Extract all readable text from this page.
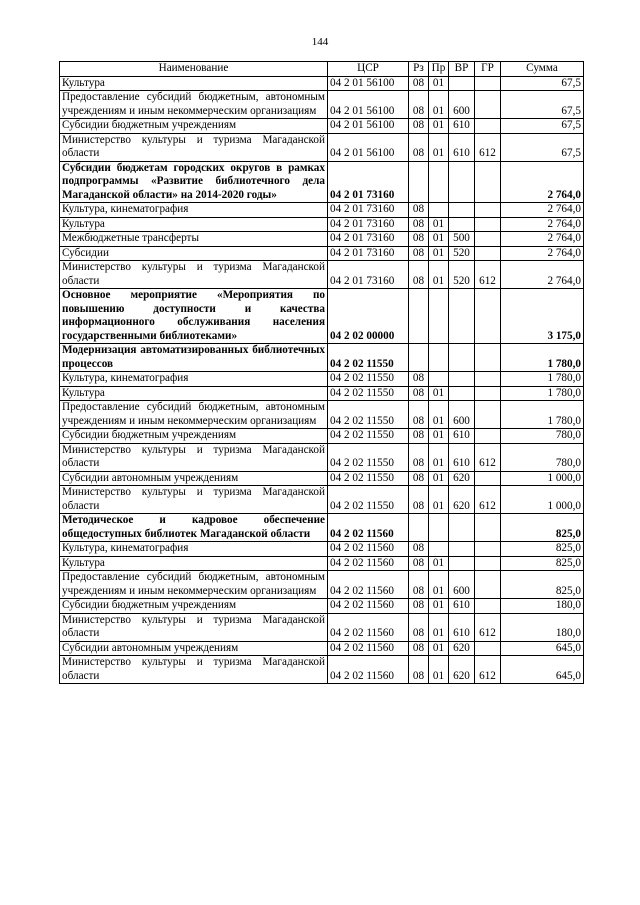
144
Наименование	ЦСР	Рз	Пр	ВР	ГР	Сумма
Культура	04 2 01 56100	08	01			67,5
Предоставление субсидий бюджетным, автономным учреждениям и иным некоммерческим организациям	04 2 01 56100	08	01	600		67,5
Субсидии бюджетным учреждениям	04 2 01 56100	08	01	610		67,5
Министерство культуры и туризма Магаданской области	04 2 01 56100	08	01	610	612	67,5
Субсидии бюджетам городских округов в рамках подпрограммы «Развитие библиотечного дела Магаданской области» на 2014-2020 годы»	04 2 01 73160					2 764,0
Культура, кинематография	04 2 01 73160	08				2 764,0
Культура	04 2 01 73160	08	01			2 764,0
Межбюджетные трансферты	04 2 01 73160	08	01	500		2 764,0
Субсидии	04 2 01 73160	08	01	520		2 764,0
Министерство культуры и туризма Магаданской области	04 2 01 73160	08	01	520	612	2 764,0
Основное мероприятие «Мероприятия по повышению доступности и качества информационного обслуживания населения государственными библиотеками»	04 2 02 00000					3 175,0
Модернизация автоматизированных библиотечных процессов	04 2 02 11550					1 780,0
Культура, кинематография	04 2 02 11550	08				1 780,0
Культура	04 2 02 11550	08	01			1 780,0
Предоставление субсидий бюджетным, автономным учреждениям и иным некоммерческим организациям	04 2 02 11550	08	01	600		1 780,0
Субсидии бюджетным учреждениям	04 2 02 11550	08	01	610		780,0
Министерство культуры и туризма Магаданской области	04 2 02 11550	08	01	610	612	780,0
Субсидии автономным учреждениям	04 2 02 11550	08	01	620		1 000,0
Министерство культуры и туризма Магаданской области	04 2 02 11550	08	01	620	612	1 000,0
Методическое и кадровое обеспечение общедоступных библиотек Магаданской области	04 2 02 11560					825,0
Культура, кинематография	04 2 02 11560	08				825,0
Культура	04 2 02 11560	08	01			825,0
Предоставление субсидий бюджетным, автономным учреждениям и иным некоммерческим организациям	04 2 02 11560	08	01	600		825,0
Субсидии бюджетным учреждениям	04 2 02 11560	08	01	610		180,0
Министерство культуры и туризма Магаданской области	04 2 02 11560	08	01	610	612	180,0
Субсидии автономным учреждениям	04 2 02 11560	08	01	620		645,0
Министерство культуры и туризма Магаданской области	04 2 02 11560	08	01	620	612	645,0
